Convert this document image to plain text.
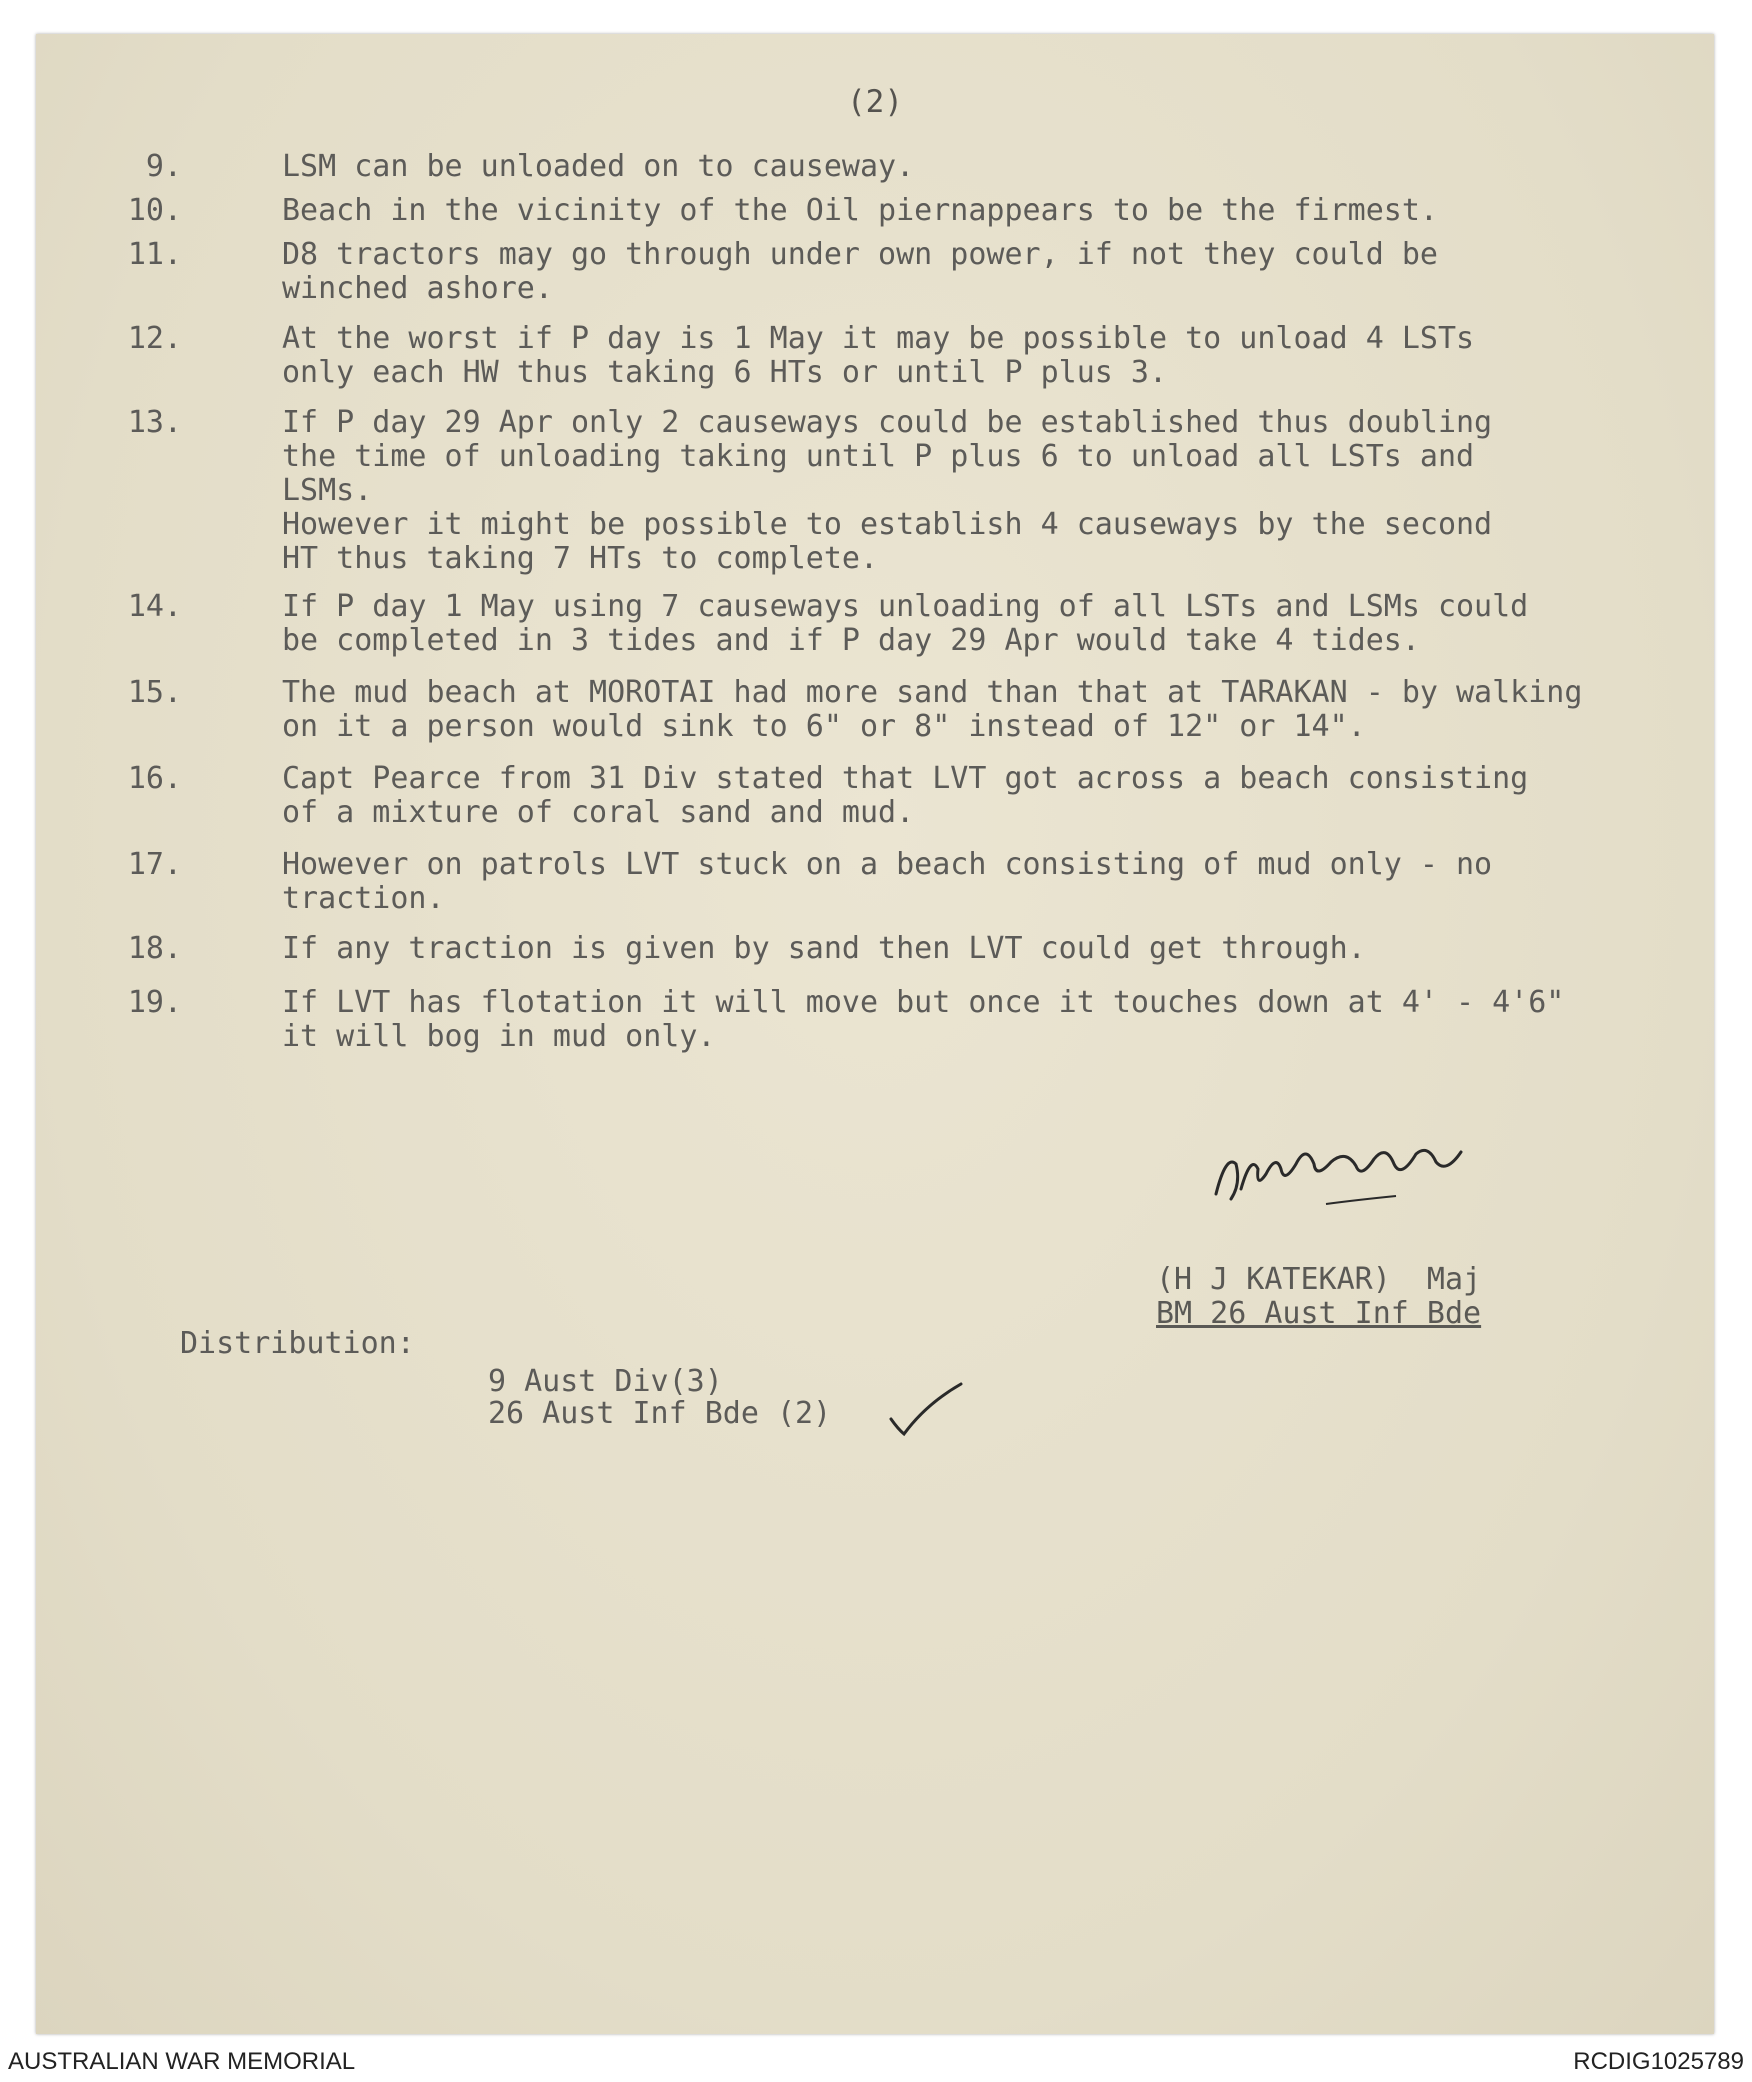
(2)
9.	LSM can be unloaded on to causeway.
10.	Beach in the vicinity of the Oil piernappears to be the firmest.
11.	D8 tractors may go through under own power, if not they could be
winched ashore.
12.	At the worst if P day is 1 May it may be possible to unload 4 LSTs
only each HW thus taking 6 HTs or until P plus 3.
13.	If P day 29 Apr only 2 causeways could be established thus doubling
the time of unloading taking until P plus 6 to unload all LSTs and
LSMs.
However it might be possible to establish 4 causeways by the second
HT thus taking 7 HTs to complete.
14.	If P day 1 May using 7 causeways unloading of all LSTs and LSMs could
be completed in 3 tides and if P day 29 Apr would take 4 tides.
15.	The mud beach at MOROTAI had more sand than that at TARAKAN - by walking
on it a person would sink to 6" or 8" instead of 12" or 14".
16.	Capt Pearce from 31 Div stated that LVT got across a beach consisting
of a mixture of coral sand and mud.
17.	However on patrols LVT stuck on a beach consisting of mud only - no
traction.
18.	If any traction is given by sand then LVT could get through.
19.	If LVT has flotation it will move but once it touches down at 4' - 4'6"
it will bog in mud only.
(H J KATEKAR)  Maj
BM 26 Aust Inf Bde
Distribution:
9 Aust Div(3)
26 Aust Inf Bde (2)
AUSTRALIAN WAR MEMORIAL	RCDIG1025789
